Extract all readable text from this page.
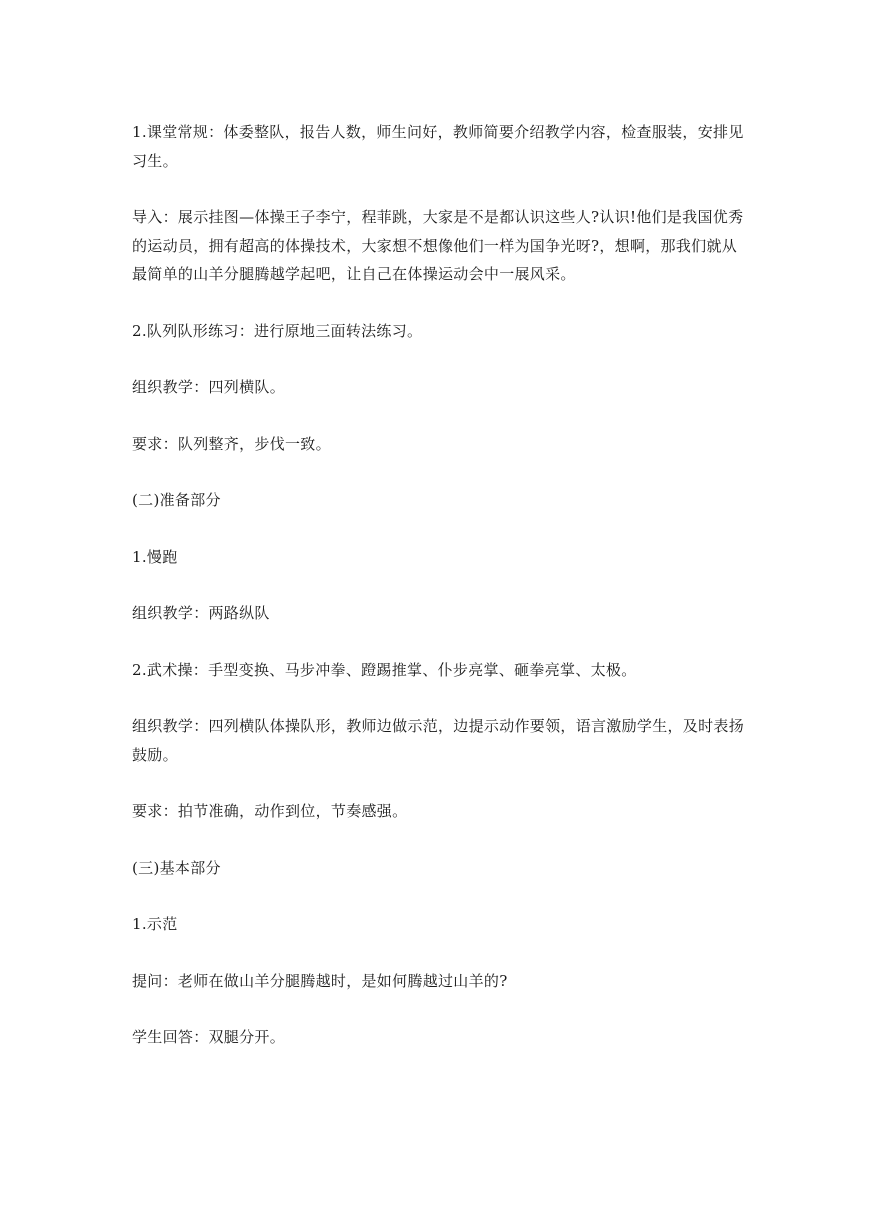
1.课堂常规：体委整队，报告人数，师生问好，教师简要介绍教学内容，检查服装，安排见习生。

导入：展示挂图—体操王子李宁，程菲跳，大家是不是都认识这些人?认识!他们是我国优秀的运动员，拥有超高的体操技术，大家想不想像他们一样为国争光呀?，想啊，那我们就从最简单的山羊分腿腾越学起吧，让自己在体操运动会中一展风采。

2.队列队形练习：进行原地三面转法练习。

组织教学：四列横队。

要求：队列整齐，步伐一致。

(二)准备部分

1.慢跑

组织教学：两路纵队

2.武术操：手型变换、马步冲拳、蹬踢推掌、仆步亮掌、砸拳亮掌、太极。

组织教学：四列横队体操队形，教师边做示范，边提示动作要领，语言激励学生，及时表扬鼓励。

要求：拍节准确，动作到位，节奏感强。

(三)基本部分

1.示范

提问：老师在做山羊分腿腾越时，是如何腾越过山羊的?

学生回答：双腿分开。
